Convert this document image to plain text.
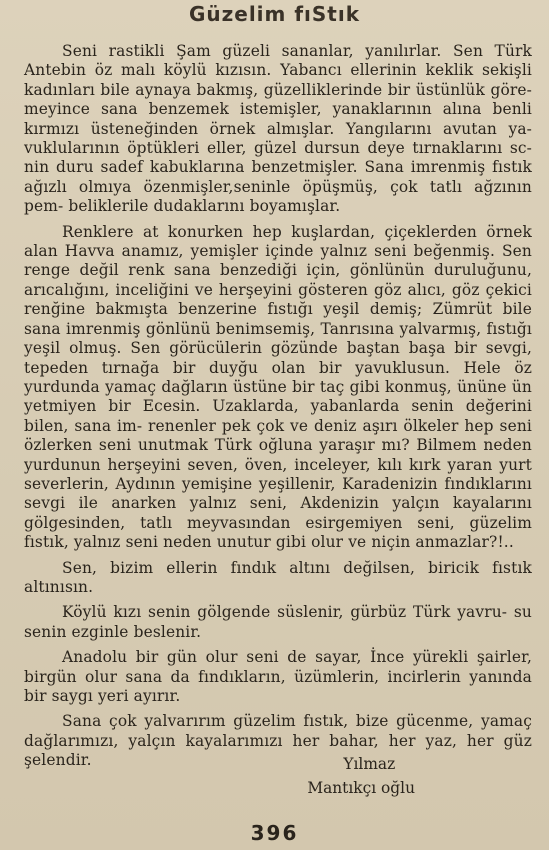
Güzelim fıStık

Seni rastikli Şam güzeli sananlar, yanılırlar. Sen Türk Antebin öz malı köylü kızısın. Yabancı ellerinin keklik sekişli kadınları bile aynaya bakmış, güzelliklerinde bir üstünlük göre- meyince sana benzemek istemişler, yanaklarının alına benli kırmızı üsteneğinden örnek almışlar. Yangılarını avutan ya- vuklularının öptükleri eller, güzel dursun deye tırnaklarını sc- nin duru sadef kabuklarına benzetmişler. Sana imrenmiş fıstık ağızlı olmıya özenmişler,seninle öpüşmüş, çok tatlı ağzının pem- beliklerile dudaklarını boyamışlar.

Renklere at konurken hep kuşlardan, çiçeklerden örnek alan Havva anamız, yemişler içinde yalnız seni beğenmiş. Sen renge değil renk sana benzediği için, gönlünün duruluğunu, arıcalığını, inceliğini ve herşeyini gösteren göz alıcı, göz çekici renğine bakmışta benzerine fıstığı yeşil demiş; Zümrüt bile sana imrenmiş gönlünü benimsemiş, Tanrısına yalvarmış, fıstığı yeşil olmuş. Sen görücülerin gözünde baştan başa bir sevgi, tepeden tırnağa bir duyğu olan bir yavuklusun. Hele öz yurdunda yamaç dağların üstüne bir taç gibi konmuş, ününe ün yetmiyen bir Ecesin. Uzaklarda, yabanlarda senin değerini bilen, sana im- renenler pek çok ve deniz aşırı ölkeler hep seni özlerken seni unutmak Türk oğluna yaraşır mı? Bilmem neden yurdunun herşeyini seven, öven, inceleyer, kılı kırk yaran yurt severlerin, Aydının yemişine yeşillenir, Karadenizin fındıklarını sevgi ile anarken yalnız seni, Akdenizin yalçın kayalarını gölgesinden, tatlı meyvasından esirgemiyen seni, güzelim fıstık, yalnız seni neden unutur gibi olur ve niçin anmazlar?!..

Sen, bizim ellerin fındık altını değilsen, biricik fıstık altınısın.

Köylü kızı senin gölgende süslenir, gürbüz Türk yavru- su senin ezginle beslenir.

Anadolu bir gün olur seni de sayar, İnce yürekli şairler, birgün olur sana da fındıkların, üzümlerin, incirlerin yanında bir saygı yeri ayırır.

Sana çok yalvarırım güzelim fıstık, bize gücenme, yamaç dağlarımızı, yalçın kayalarımızı her bahar, her yaz, her güz şelendir.	Yılmaz
Mantıkçı oğlu
396
